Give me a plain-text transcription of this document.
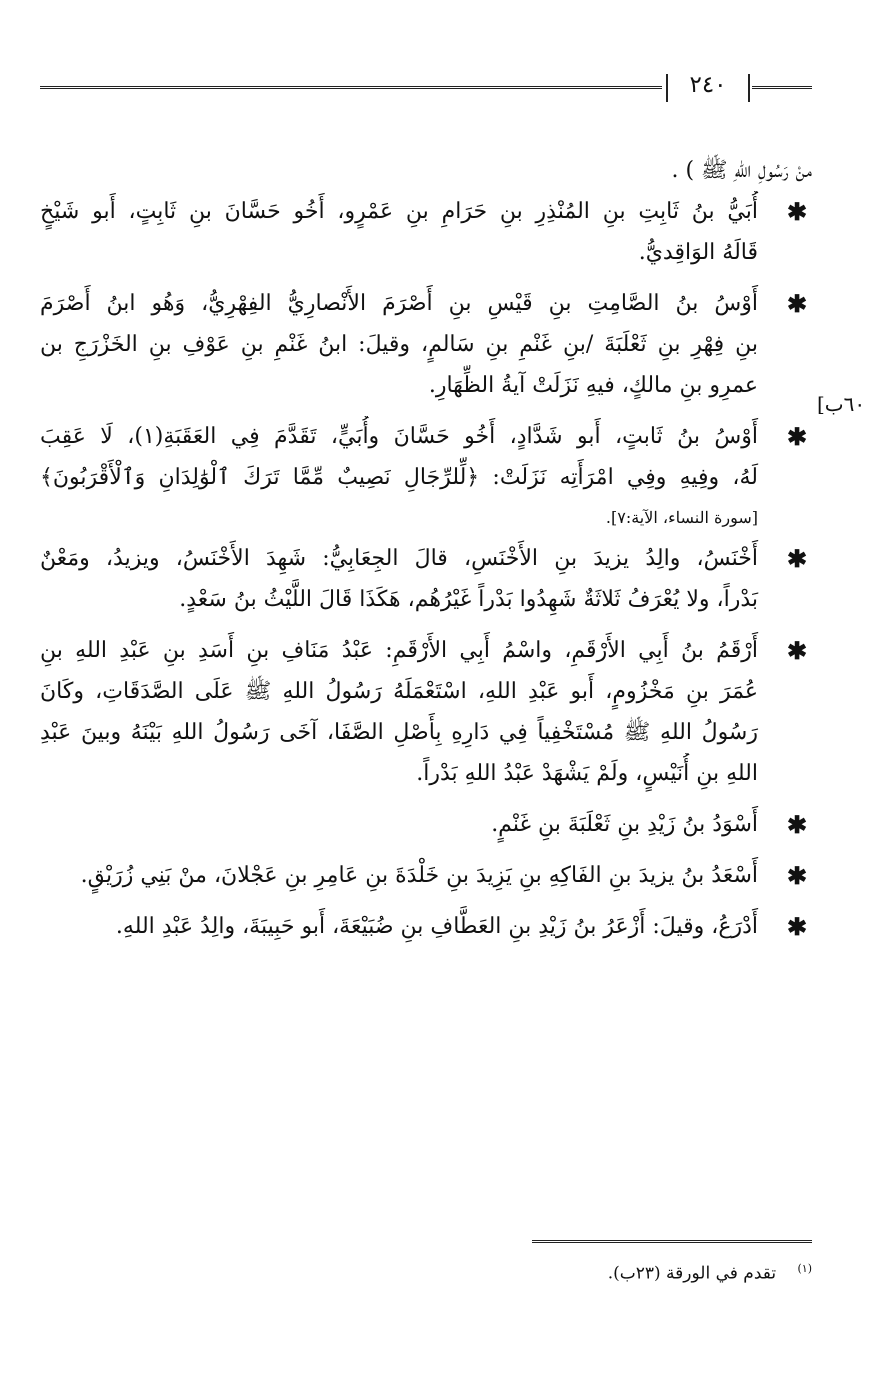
٢٤٠
٦٠ب]
منْ رَسُولِ اللهِ ﷺ ) .
✱
أُبَيُّ بنُ ثَابِتِ بنِ المُنْذِرِ بنِ حَرَامِ بنِ عَمْرٍو، أَخُو حَسَّانَ بنِ ثَابِتٍ، أَبو شَيْخٍ
قَالَهُ الوَاقِديُّ.
✱
أَوْسُ بنُ الصَّامِتِ بنِ قَيْسِ بنِ أَصْرَمَ الأَنْصارِيُّ الفِهْرِيُّ، وَهُو ابنُ أَصْرَمَ
بنِ فِهْرِ بنِ ثَعْلَبَةَ /بنِ غَنْمِ بنِ سَالمٍ، وقيلَ: ابنُ غَنْمِ بنِ عَوْفِ بنِ الخَزْرَجِ بن
عمرِو بنِ مالكٍ، فيهِ نَزَلَتْ آيةُ الظِّهَارِ.
✱
أَوْسُ بنُ ثَابتٍ، أَبو شَدَّادٍ، أَخُو حَسَّانَ وأُبَيٍّ، تَقَدَّمَ فِي العَقَبَةِ(١)، لَا عَقِبَ
لَهُ، وفِيهِ وفِي امْرَأَتِه نَزَلَتْ: ﴿لِّلرِّجَالِ نَصِيبٌ مِّمَّا تَرَكَ ٱلْوَٰلِدَانِ وَٱلْأَقْرَبُونَ﴾
[سورة النساء، الآية:٧].
✱
أَخْنَسُ، والِدُ يزيدَ بنِ الأَخْنَسِ، قالَ الجِعَابِيُّ: شَهِدَ الأَخْنَسُ، ويزيدُ، ومَعْنٌ
بَدْراً، ولا يُعْرَفُ ثَلاثَةٌ شَهِدُوا بَدْراً غَيْرُهُم، هَكَذَا قَالَ اللَّيْثُ بنُ سَعْدٍ.
✱
أَرْقَمُ بنُ أَبِي الأَرْقَمِ، واسْمُ أَبِي الأَرْقَمِ: عَبْدُ مَنَافِ بنِ أَسَدِ بنِ عَبْدِ اللهِ بنِ
عُمَرَ بنِ مَخْزُومٍ، أَبو عَبْدِ اللهِ، اسْتَعْمَلَهُ رَسُولُ اللهِ ﷺ عَلَى الصَّدَقَاتِ، وكَانَ
رَسُولُ اللهِ ﷺ مُسْتَخْفِياً فِي دَارِهِ بِأَصْلِ الصَّفَا، آخَى رَسُولُ اللهِ بَيْنَهُ وبينَ عَبْدِ
اللهِ بنِ أُنَيْسٍ، ولَمْ يَشْهَدْ عَبْدُ اللهِ بَدْراً.
✱
أَسْوَدُ بنُ زَيْدِ بنِ ثَعْلَبَةَ بنِ غَنْمٍ.
✱
أَسْعَدُ بنُ يزيدَ بنِ الفَاكِهِ بنِ يَزِيدَ بنِ خَلْدَةَ بنِ عَامِرِ بنِ عَجْلانَ، منْ بَنِي زُرَيْقٍ.
✱
أَدْرَعُ، وقيلَ: أَزْعَرُ بنُ زَيْدِ بنِ العَطَّافِ بنِ ضُبَيْعَةَ، أَبو حَبِيبَةَ، والِدُ عَبْدِ اللهِ.
$^{(١)}$ تقدم في الورقة (٢٣ب).
